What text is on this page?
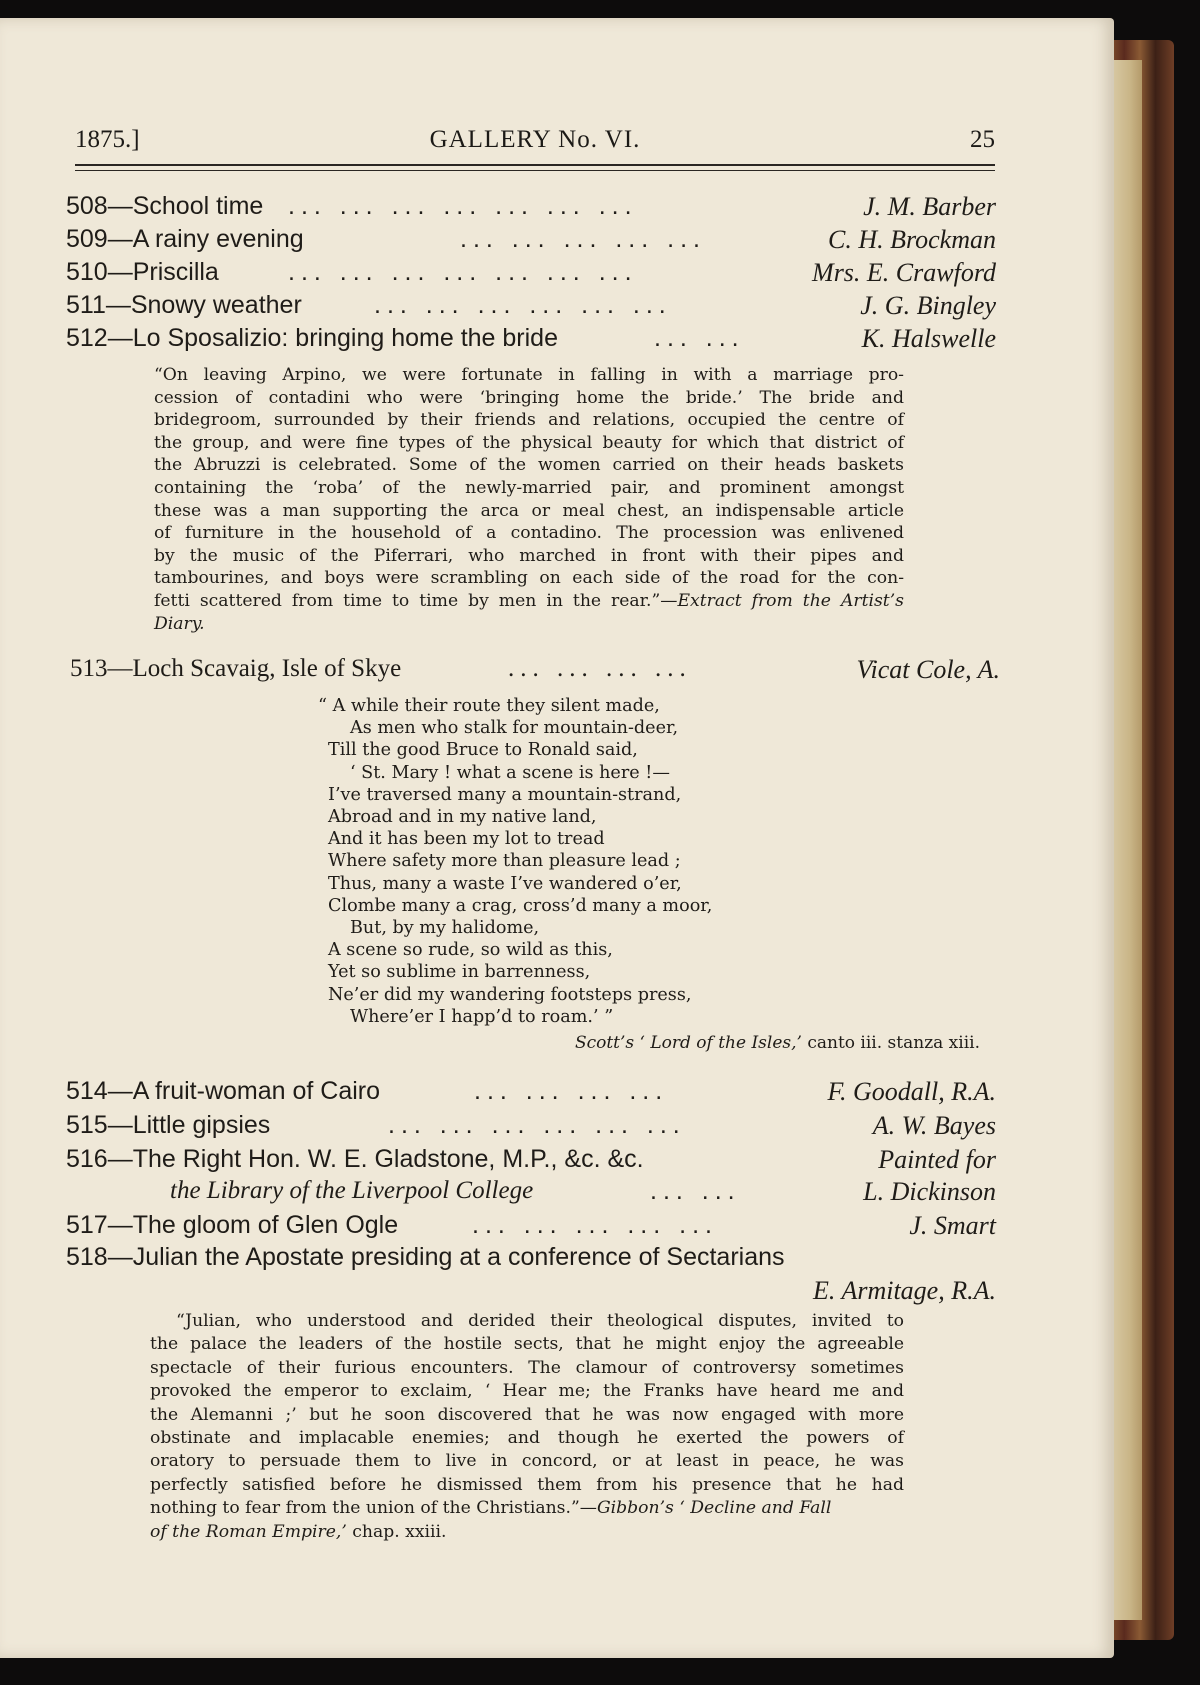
1875.]	GALLERY No. VI.	25
508—School time ... ... ... ... ... ... ...	J. M. Barber
509—A rainy evening	... ... ... ... ...	C. H. Brockman
510—Priscilla	... ... ... ... ... ... ...	Mrs. E. Crawford
511—Snowy weather	... ... ... ... ... ...	J. G. Bingley
512—Lo Sposalizio: bringing home the bride	... ...	K. Halswelle
“On leaving Arpino, we were fortunate in falling in with a marriage pro-
cession of contadini who were ‘bringing home the bride.’ The bride and
bridegroom, surrounded by their friends and relations, occupied the centre of
the group, and were fine types of the physical beauty for which that district of
the Abruzzi is celebrated. Some of the women carried on their heads baskets
containing the ‘roba’ of the newly-married pair, and prominent amongst
these was a man supporting the arca or meal chest, an indispensable article
of furniture in the household of a contadino. The procession was enlivened
by the music of the Piferrari, who marched in front with their pipes and
tambourines, and boys were scrambling on each side of the road for the con-
fetti scattered from time to time by men in the rear.”—Extract from the Artist’s
Diary.
513—Loch Scavaig, Isle of Skye	... ... ... ...	Vicat Cole, A.
“ A while their route they silent made,
As men who stalk for mountain-deer,
Till the good Bruce to Ronald said,
‘ St. Mary ! what a scene is here !—
I’ve traversed many a mountain-strand,
Abroad and in my native land,
And it has been my lot to tread
Where safety more than pleasure lead ;
Thus, many a waste I’ve wandered o’er,
Clombe many a crag, cross’d many a moor,
But, by my halidome,
A scene so rude, so wild as this,
Yet so sublime in barrenness,
Ne’er did my wandering footsteps press,
Where’er I happ’d to roam.’ ”
Scott’s ‘ Lord of the Isles,’ canto iii. stanza xiii.
514—A fruit-woman of Cairo	... ... ... ...	F. Goodall, R.A.
515—Little gipsies	... ... ... ... ... ...	A. W. Bayes
516—The Right Hon. W. E. Gladstone, M.P., &c. &c.	Painted for
the Library of the Liverpool College	... ...	L. Dickinson
517—The gloom of Glen Ogle	... ... ... ... ...	J. Smart
518—Julian the Apostate presiding at a conference of Sectarians
E. Armitage, R.A.
“Julian, who understood and derided their theological disputes, invited to
the palace the leaders of the hostile sects, that he might enjoy the agreeable
spectacle of their furious encounters. The clamour of controversy sometimes
provoked the emperor to exclaim, ‘ Hear me; the Franks have heard me and
the Alemanni ;’ but he soon discovered that he was now engaged with more
obstinate and implacable enemies; and though he exerted the powers of
oratory to persuade them to live in concord, or at least in peace, he was
perfectly satisfied before he dismissed them from his presence that he had
nothing to fear from the union of the Christians.”—Gibbon’s ‘ Decline and Fall
of the Roman Empire,’ chap. xxiii.
